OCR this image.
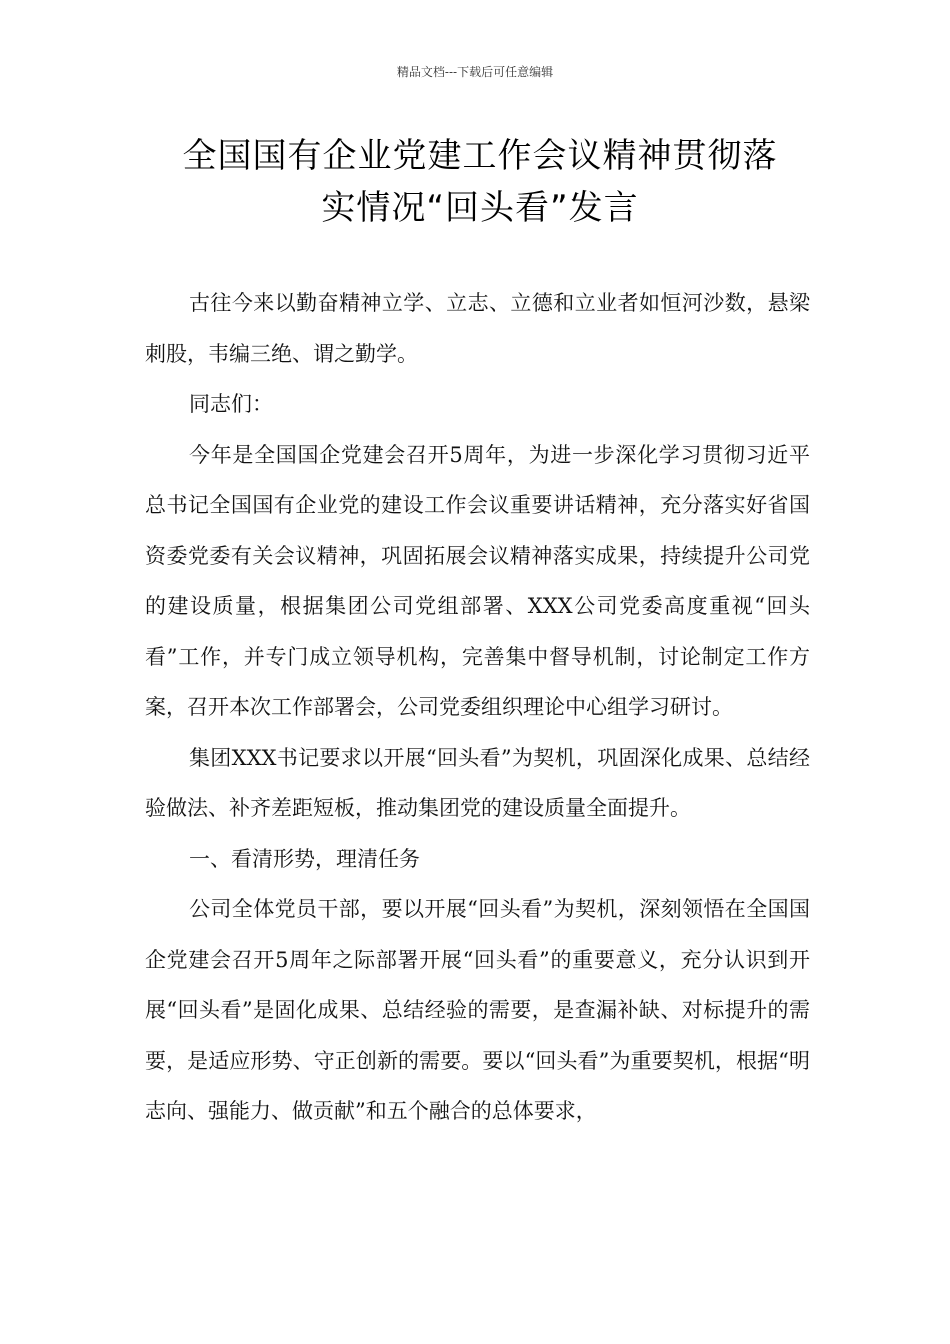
精品文档---下载后可任意编辑
全国国有企业党建工作会议精神贯彻落
实情况“回头看”发言

古往今来以勤奋精神立学、立志、立德和立业者如恒河沙数，悬梁刺股，韦编三绝、谓之勤学。

同志们：

今年是全国国企党建会召开5周年，为进一步深化学习贯彻习近平总书记全国国有企业党的建设工作会议重要讲话精神，充分落实好省国资委党委有关会议精神，巩固拓展会议精神落实成果，持续提升公司党的建设质量，根据集团公司党组部署、XXX公司党委高度重视“回头看”工作，并专门成立领导机构，完善集中督导机制，讨论制定工作方案，召开本次工作部署会，公司党委组织理论中心组学习研讨。

集团XXX书记要求以开展“回头看”为契机，巩固深化成果、总结经验做法、补齐差距短板，推动集团党的建设质量全面提升。

一、看清形势，理清任务

公司全体党员干部，要以开展“回头看”为契机，深刻领悟在全国国企党建会召开5周年之际部署开展“回头看”的重要意义，充分认识到开展“回头看”是固化成果、总结经验的需要，是查漏补缺、对标提升的需要，是适应形势、守正创新的需要。要以“回头看”为重要契机，根据“明志向、强能力、做贡献”和五个融合的总体要求，
